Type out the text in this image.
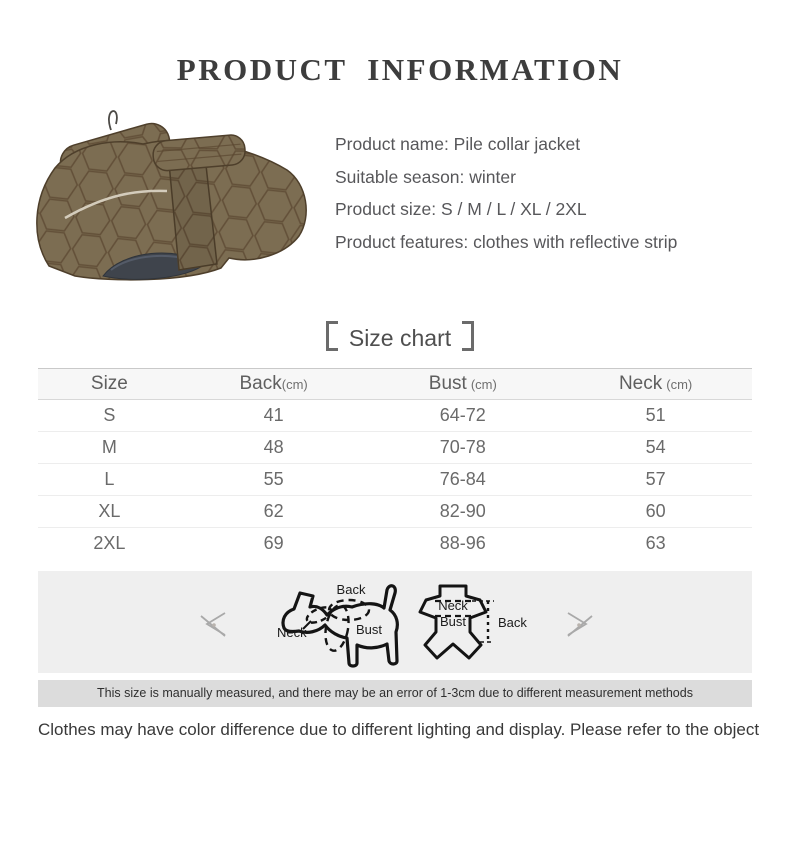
PRODUCT INFORMATION
Product name: Pile collar jacket
Suitable season: winter
Product size: S / M / L / XL / 2XL
Product features: clothes with reflective strip
Size chart
Size	Back(cm)	Bust (cm)	Neck (cm)
S	41	64-72	51
M	48	70-78	54
L	55	76-84	57
XL	62	82-90	60
2XL	69	88-96	63
Back
Bust
Neck
Neck
Bust Back
This size is manually measured, and there may be an error of 1-3cm due to different measurement methods
Clothes may have color difference due to different lighting and display. Please refer to the object
